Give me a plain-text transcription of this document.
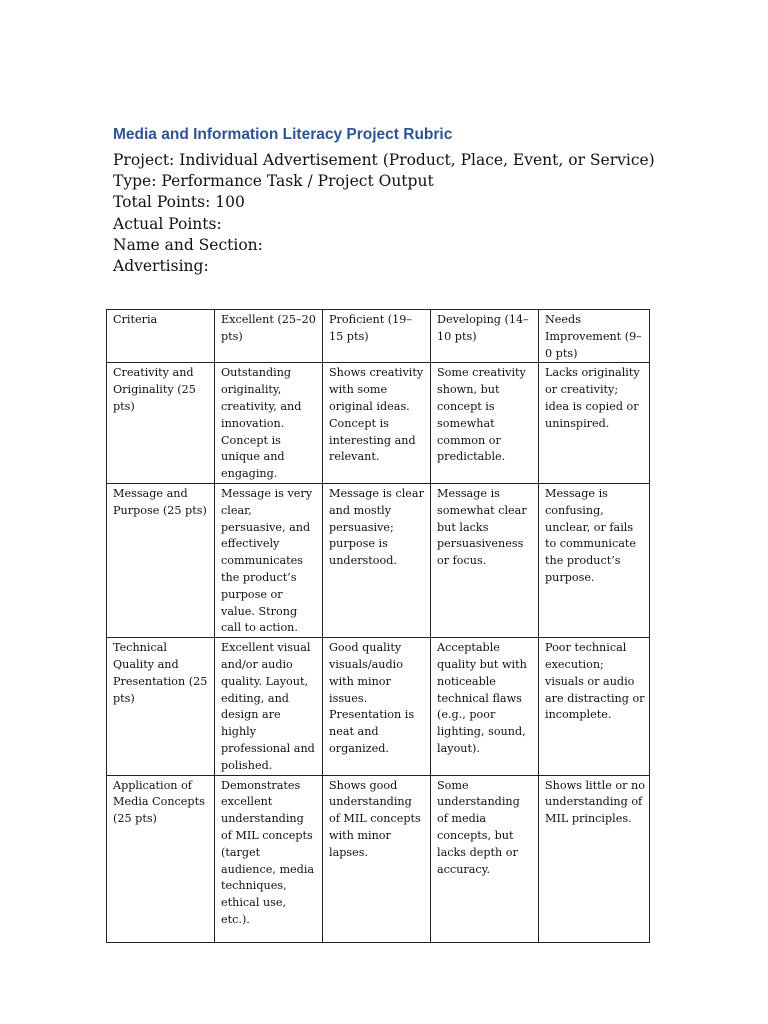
Media and Information Literacy Project Rubric
Project: Individual Advertisement (Product, Place, Event, or Service)
Type: Performance Task / Project Output
Total Points: 100
Actual Points:
Name and Section:
Advertising:
Criteria	Excellent (25–20 pts)	Proficient (19–15 pts)	Developing (14–10 pts)	Needs Improvement (9–0 pts)
Creativity and Originality (25 pts)	Outstanding originality, creativity, and innovation. Concept is unique and engaging.	Shows creativity with some original ideas. Concept is interesting and relevant.	Some creativity shown, but concept is somewhat common or predictable.	Lacks originality or creativity; idea is copied or uninspired.
Message and Purpose (25 pts)	Message is very clear, persuasive, and effectively communicates the product’s purpose or value. Strong call to action.	Message is clear and mostly persuasive; purpose is understood.	Message is somewhat clear but lacks persuasiveness or focus.	Message is confusing, unclear, or fails to communicate the product’s purpose.
Technical Quality and Presentation (25 pts)	Excellent visual and/or audio quality. Layout, editing, and design are highly professional and polished.	Good quality visuals/audio with minor issues. Presentation is neat and organized.	Acceptable quality but with noticeable technical flaws (e.g., poor lighting, sound, layout).	Poor technical execution; visuals or audio are distracting or incomplete.
Application of Media Concepts (25 pts)	Demonstrates excellent understanding of MIL concepts (target audience, media techniques, ethical use, etc.).	Shows good understanding of MIL concepts with minor lapses.	Some understanding of media concepts, but lacks depth or accuracy.	Shows little or no understanding of MIL principles.
